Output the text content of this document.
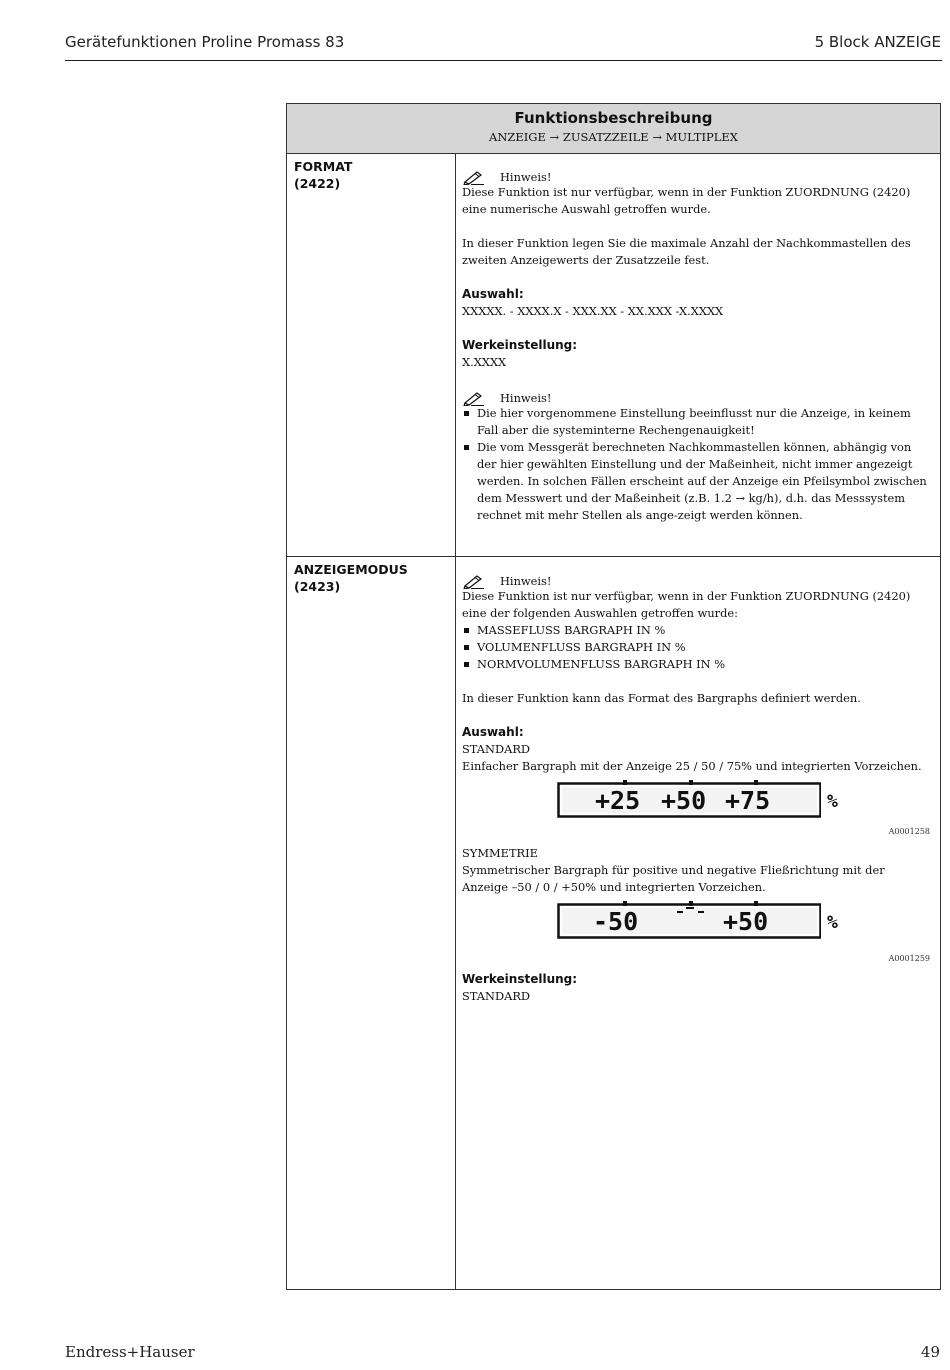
Gerätefunktionen Proline Promass 83	5 Block ANZEIGE
Funktionsbeschreibung
ANZEIGE → ZUSATZZEILE → MULTIPLEX
FORMAT
(2422)	Hinweis!

Diese Funktion ist nur verfügbar, wenn in der Funktion ZUORDNUNG (2420) eine numerische Auswahl getroffen wurde.

In dieser Funktion legen Sie die maximale Anzahl der Nachkommastellen des zweiten Anzeigewerts der Zusatzzeile fest.

Auswahl:

XXXXX. - XXXX.X - XXX.XX - XX.XXX -X.XXXX

Werkeinstellung:

X.XXXX

Hinweis!
Die hier vorgenommene Einstellung beeinflusst nur die Anzeige, in keinem Fall aber die systeminterne Rechengenauigkeit!
Die vom Messgerät berechneten Nachkommastellen können, abhängig von der hier gewählten Einstellung und der Maßeinheit, nicht immer angezeigt werden. In solchen Fällen erscheint auf der Anzeige ein Pfeilsymbol zwischen dem Messwert und der Maßeinheit (z.B. 1.2 → kg/h), d.h. das Messsystem rechnet mit mehr Stellen als ange-zeigt werden können.
ANZEIGEMODUS
(2423)	Hinweis!

Diese Funktion ist nur verfügbar, wenn in der Funktion ZUORDNUNG (2420) eine der folgenden Auswahlen getroffen wurde:

MASSEFLUSS BARGRAPH IN %
VOLUMENFLUSS BARGRAPH IN %
NORMVOLUMENFLUSS BARGRAPH IN %

In dieser Funktion kann das Format des Bargraphs definiert werden.

Auswahl:

STANDARD

Einfacher Bargraph mit der Anzeige 25 / 50 / 75% und integrierten Vorzeichen.

+25 +50 +75	%
A0001258

SYMMETRIE

Symmetrischer Bargraph für positive und negative Fließrichtung mit der Anzeige –50 / 0 / +50% und integrierten Vorzeichen.

-50	+50	%
A0001259

Werkeinstellung:

STANDARD

Endress+Hauser	49
